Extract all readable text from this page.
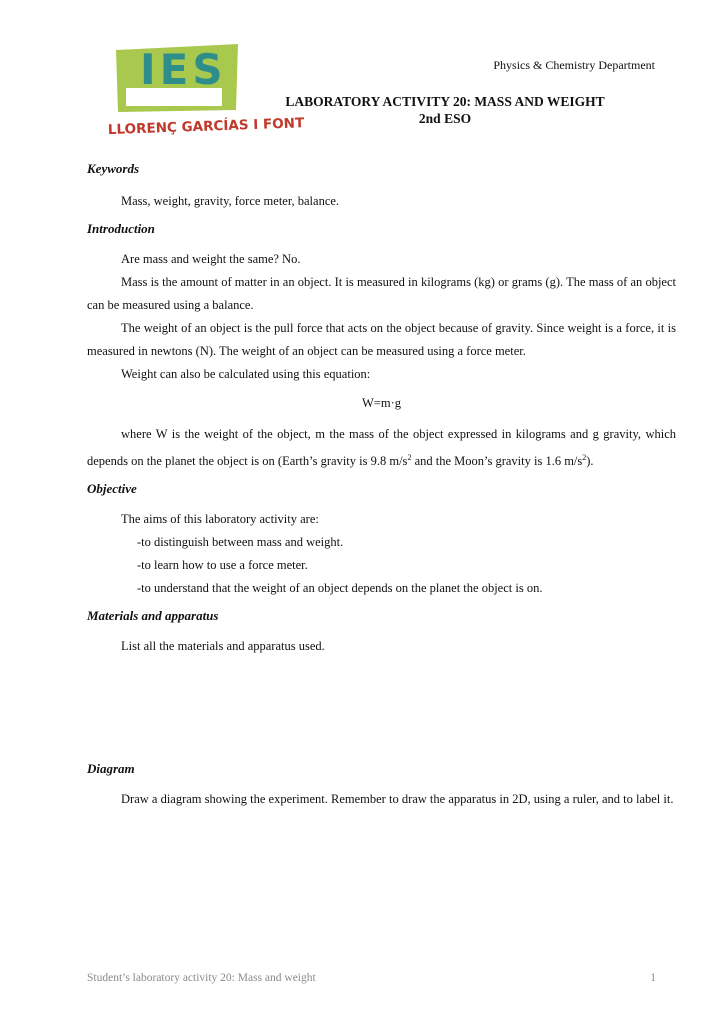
IES
LLORENÇ GARCÍAS I FONT
Physics & Chemistry Department
LABORATORY ACTIVITY 20: MASS AND WEIGHT
2nd ESO
Keywords
Mass, weight, gravity, force meter, balance.
Introduction
Are mass and weight the same? No.
Mass is the amount of matter in an object. It is measured in kilograms (kg) or grams (g). The mass of an object can be measured using a balance.
The weight of an object is the pull force that acts on the object because of gravity. Since weight is a force, it is measured in newtons (N). The weight of an object can be measured using a force meter.
Weight can also be calculated using this equation:
W=m·g
where W is the weight of the object, m the mass of the object expressed in kilograms and g gravity, which depends on the planet the object is on (Earth’s gravity is 9.8 $m/s^2$ and the Moon’s gravity is 1.6 $m/s^2$).
Objective
The aims of this laboratory activity are:
-to distinguish between mass and weight.
-to learn how to use a force meter.
-to understand that the weight of an object depends on the planet the object is on.
Materials and apparatus
List all the materials and apparatus used.
Diagram
Draw a diagram showing the experiment. Remember to draw the apparatus in 2D, using a ruler, and to label it.
Student’s laboratory activity 20: Mass and weight	1
